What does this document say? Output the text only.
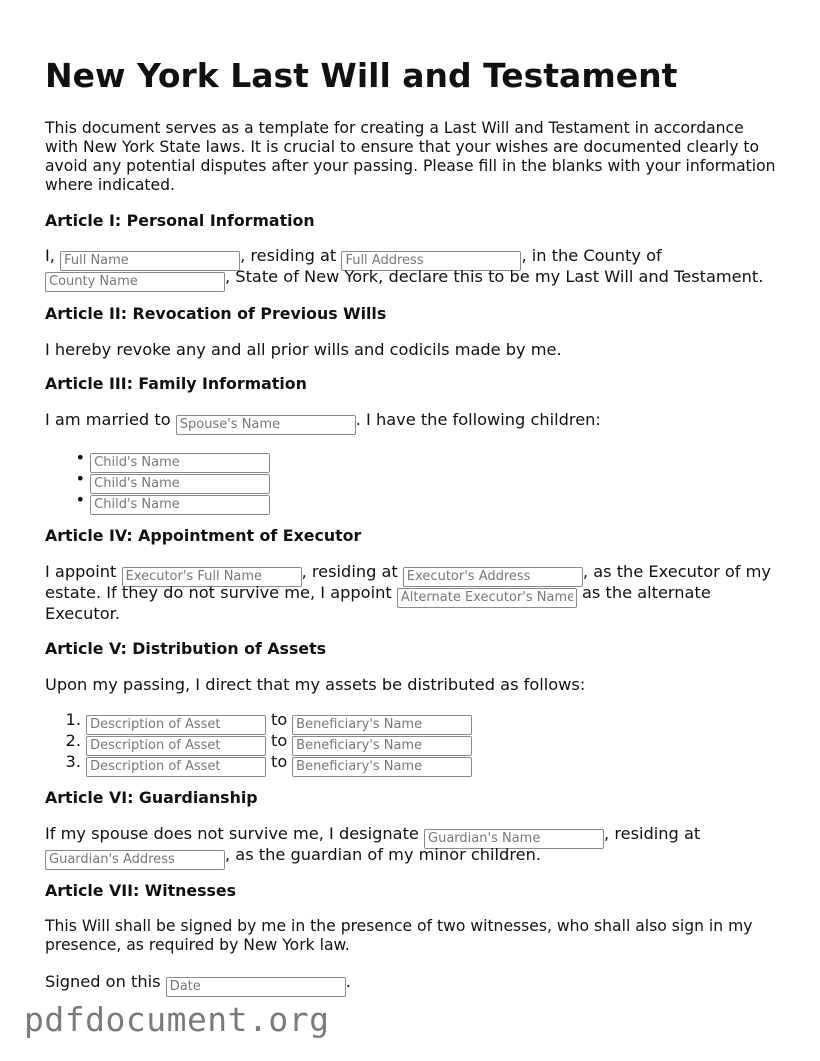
New York Last Will and Testament

This document serves as a template for creating a Last Will and Testament in accordance with New York State laws. It is crucial to ensure that your wishes are documented clearly to avoid any potential disputes after your passing. Please fill in the blanks with your information where indicated.

Article I: Personal Information
I, Full Name	, residing at Full Address	, in the County of
County Name, State of New York, declare this to be my Last Will and Testament.
Article II: Revocation of Previous Wills
I hereby revoke any and all prior wills and codicils made by me.
Article III: Family Information
I am married to Spouse's Name	. I have the following children:
• Child's Name
• Child's Name
• Child's Name
Article IV: Appointment of Executor
I appoint Executor's Full Name	, residing at Executor's Address	, as the Executor of my
estate. If they do not survive me, I appoint Alternate Executor's Name	as the alternate
Executor.
Article V: Distribution of Assets
Upon my passing, I direct that my assets be distributed as follows:
1. Description of Asset	toBeneficiary's Name
2. Description of Asset	toBeneficiary's Name
3. Description of Asset	toBeneficiary's Name
Article VI: Guardianship
If my spouse does not survive me, I designate Guardian's Name	, residing at
Guardian's Address, as the guardian of my minor children.
Article VII: Witnesses

This Will shall be signed by me in the presence of two witnesses, who shall also sign in my presence, as required by New York law.

Signed on this Date	.
pdfdocument.org
